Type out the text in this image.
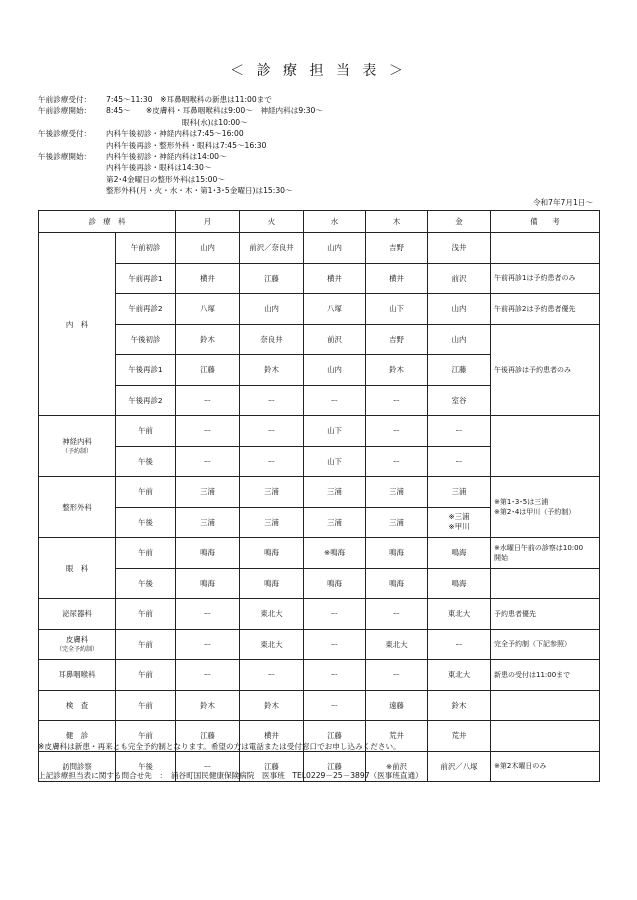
＜ 診 療 担 当 表 ＞
午前診療受付：	7:45～11:30　※耳鼻咽喉科の新患は11:00まで
午前診療開始：	8:45～　　※皮膚科・耳鼻咽喉科は9:00～　神経内科は9:30～
　　　　　　　　　　眼科(水)は10:00～
午後診療受付：	内科午後初診・神経内科は7:45～16:00
内科午後再診・整形外科・眼科は7:45～16:30
午後診療開始：	内科午後初診・神経内科は14:00～
内科午後再診・眼科は14:30～
第2･4金曜日の整形外科は15:00～
整形外科(月・火・水・木・第1･3･5金曜日)は15:30～
令和7年7月1日～
診　療　科		月	火	水	木	金	備　　考
内　科	午前初診	山内	前沢／奈良井	山内	吉野	浅井	
	午前再診1	横井	江藤	横井	横井	前沢	午前再診1は予約患者のみ
	午前再診2	八塚	山内	八塚	山下	山内	午前再診2は予約患者優先
	午後初診	鈴木	奈良井	前沢	吉野	山内	午後再診は予約患者のみ
	午後再診1	江藤	鈴木	山内	鈴木	江藤	
	午後再診2	ー	ー	ー	ー	室谷	
神経内科
（予約制）	午前	ー	ー	山下	ー	ー	
	午後	ー	ー	山下	ー	ー	
整形外科	午前	三浦	三浦	三浦	三浦	三浦	※第1･3･5は三浦
※第2･4は甲川（予約制）
	午後	三浦	三浦	三浦	三浦	※三浦
※甲川	
眼　科	午前	鳴海	鳴海	※鳴海	鳴海	鳴海	※水曜日午前の診察は10:00
開始
	午後	鳴海	鳴海	鳴海	鳴海	鳴海	
泌尿器科	午前	ー	東北大	ー	ー	東北大	予約患者優先
皮膚科
（完全予約制）	午前	ー	東北大	ー	東北大	ー	完全予約制（下記参照）
耳鼻咽喉科	午前	ー	ー	ー	ー	東北大	新患の受付は11:00まで
検　査	午前	鈴木	鈴木	ー	遠藤	鈴木	
健　診	午前	江藤	横井	江藤	荒井	荒井	
訪問診察	午後	ー	江藤	江藤	※前沢	前沢／八塚	※第2木曜日のみ
※皮膚科は新患・再来とも完全予約制となります。希望の方は電話または受付窓口でお申し込みください。
上記診療担当表に関する問合せ先　：　涌谷町国民健康保険病院　医事班　TEL0229－25－3897（医事班直通）
